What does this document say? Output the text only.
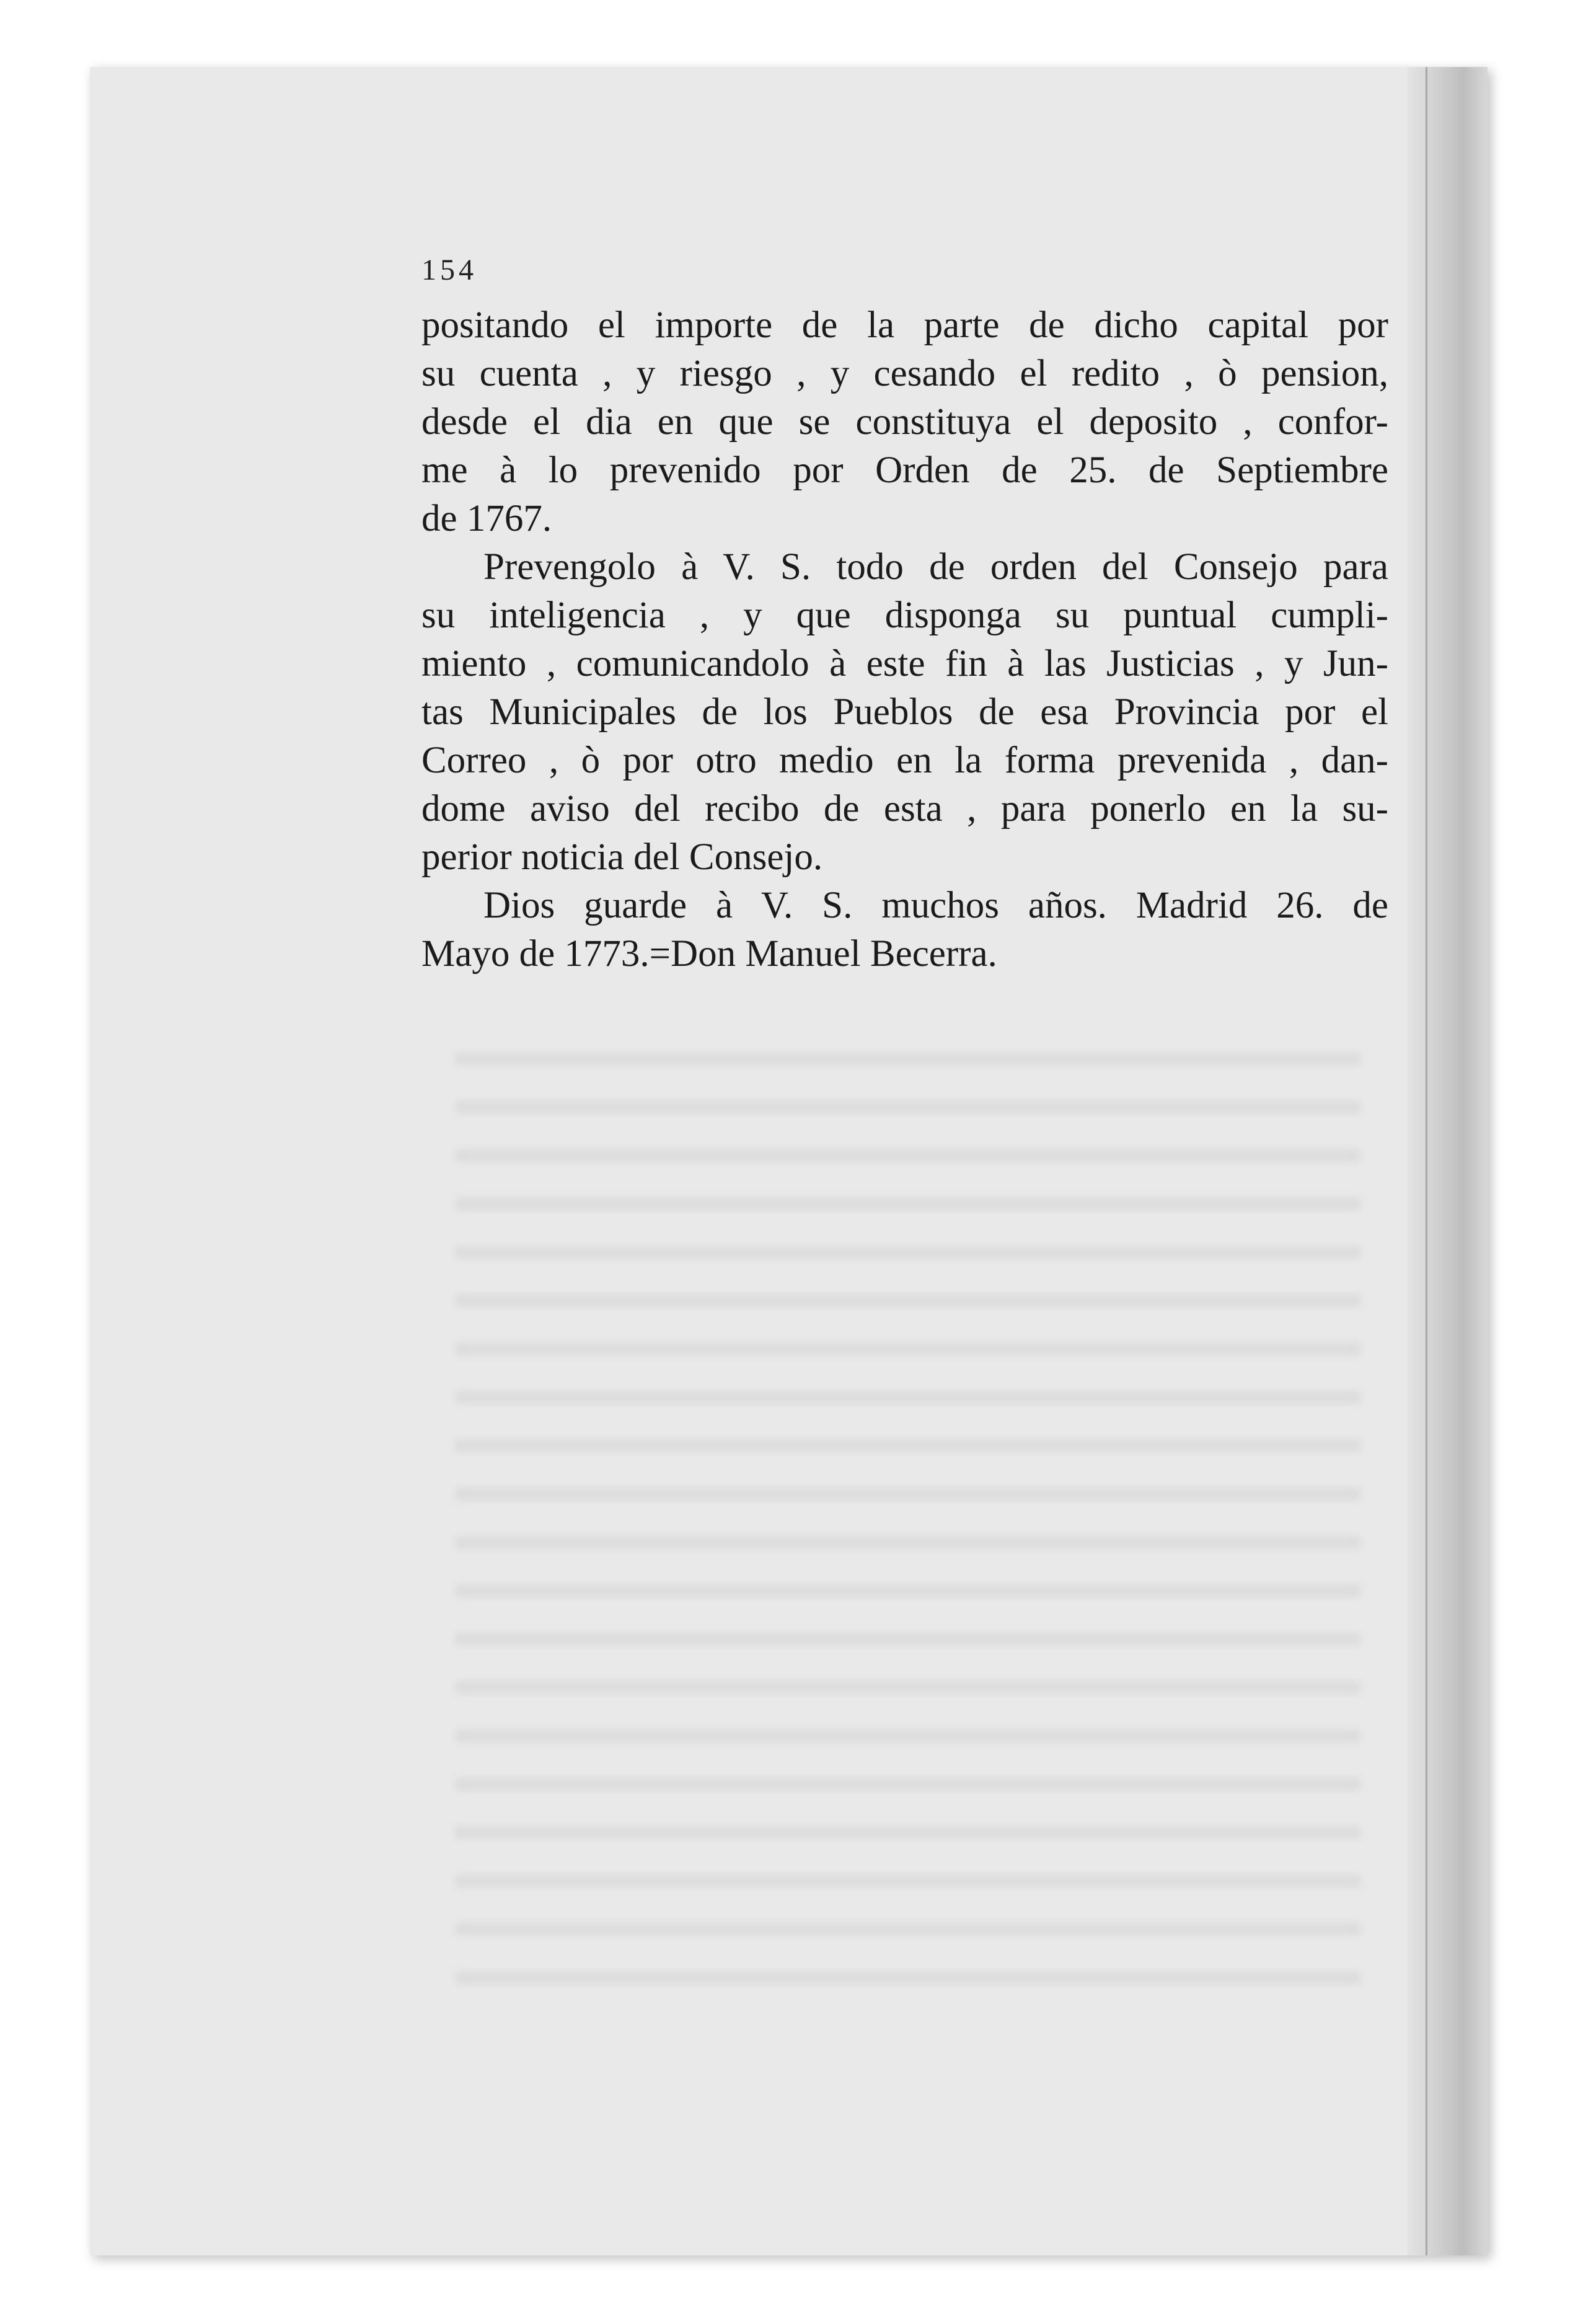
154
positando el importe de la parte de dicho capital por
su cuenta , y riesgo , y cesando el redito , ò pension,
desde el dia en que se constituya el deposito , confor-
me à lo prevenido por Orden de 25. de Septiembre
de 1767.
Prevengolo à V. S. todo de orden del Consejo para
su inteligencia , y que disponga su puntual cumpli-
miento , comunicandolo à este fin à las Justicias , y Jun-
tas Municipales de los Pueblos de esa Provincia por el
Correo , ò por otro medio en la forma prevenida , dan-
dome aviso del recibo de esta , para ponerlo en la su-
perior noticia del Consejo.
Dios guarde à V. S. muchos años. Madrid 26. de
Mayo de 1773.=Don Manuel Becerra.
